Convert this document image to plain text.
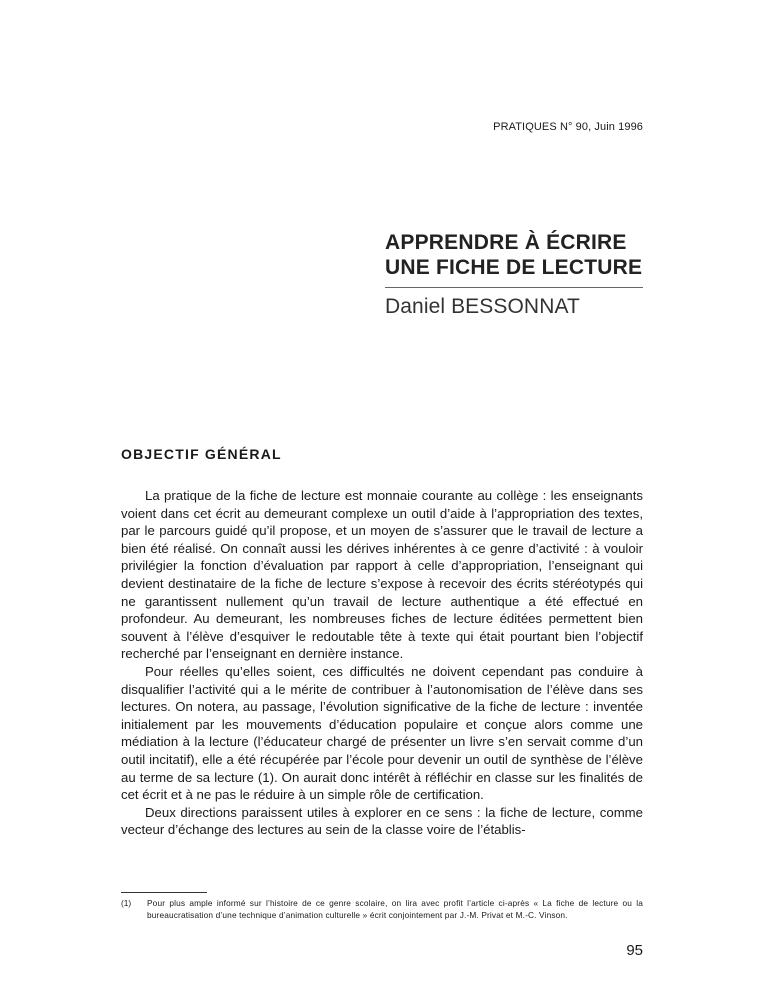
PRATIQUES N° 90, Juin 1996
APPRENDRE À ÉCRIRE
UNE FICHE DE LECTURE
Daniel BESSONNAT
OBJECTIF GÉNÉRAL

La pratique de la fiche de lecture est monnaie courante au collège : les enseignants voient dans cet écrit au demeurant complexe un outil d’aide à l’appropriation des textes, par le parcours guidé qu’il propose, et un moyen de s’assurer que le travail de lecture a bien été réalisé. On connaît aussi les dérives inhérentes à ce genre d’activité : à vouloir privilégier la fonction d’évaluation par rapport à celle d’appropriation, l’enseignant qui devient destinataire de la fiche de lecture s’expose à recevoir des écrits stéréotypés qui ne garantissent nullement qu’un travail de lecture authentique a été effectué en profondeur. Au demeurant, les nombreuses fiches de lecture éditées permettent bien souvent à l’élève d’esquiver le redoutable tête à texte qui était pourtant bien l’objectif recherché par l’enseignant en dernière instance.

Pour réelles qu’elles soient, ces difficultés ne doivent cependant pas conduire à disqualifier l’activité qui a le mérite de contribuer à l’autonomisation de l’élève dans ses lectures. On notera, au passage, l’évolution significative de la fiche de lecture : inventée initialement par les mouvements d’éducation populaire et conçue alors comme une médiation à la lecture (l’éducateur chargé de présenter un livre s’en servait comme d’un outil incitatif), elle a été récupérée par l’école pour devenir un outil de synthèse de l’élève au terme de sa lecture (1). On aurait donc intérêt à réfléchir en classe sur les finalités de cet écrit et à ne pas le réduire à un simple rôle de certification.

Deux directions paraissent utiles à explorer en ce sens : la fiche de lecture, comme vecteur d’échange des lectures au sein de la classe voire de l’établis-

(1) Pour plus ample informé sur l’histoire de ce genre scolaire, on lira avec profit l’article ci-après « La fiche de lecture ou la bureaucratisation d’une technique d’animation culturelle » écrit conjointement par J.-M. Privat et M.-C. Vinson.
95
